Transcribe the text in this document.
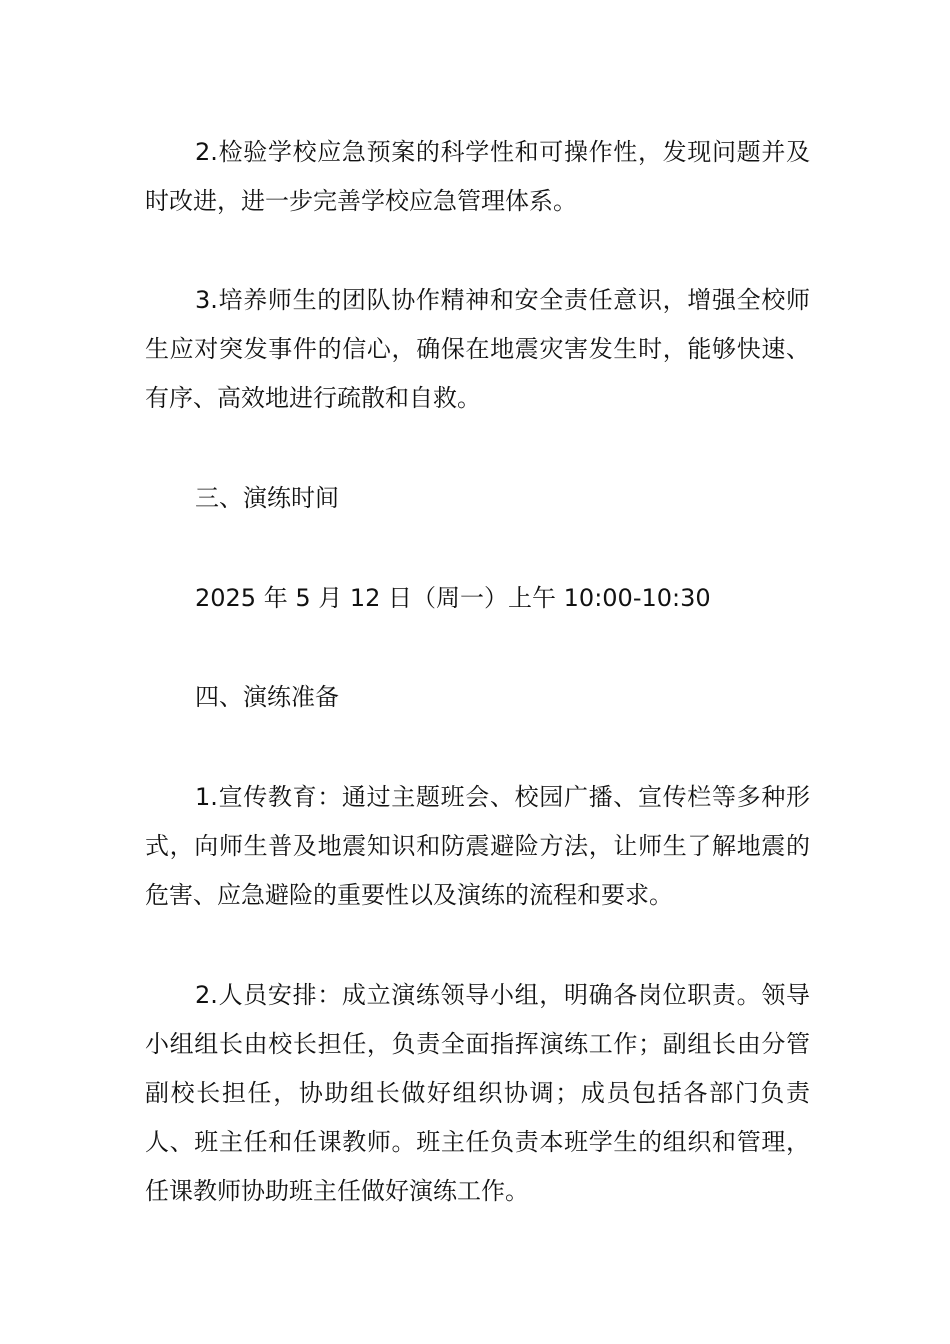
2.检验学校应急预案的科学性和可操作性，发现问题并及时改进，进一步完善学校应急管理体系。

3.培养师生的团队协作精神和安全责任意识，增强全校师生应对突发事件的信心，确保在地震灾害发生时，能够快速、有序、高效地进行疏散和自救。

三、演练时间

2025 年 5 月 12 日（周一）上午 10:00-10:30

四、演练准备

1.宣传教育：通过主题班会、校园广播、宣传栏等多种形式，向师生普及地震知识和防震避险方法，让师生了解地震的危害、应急避险的重要性以及演练的流程和要求。

2.人员安排：成立演练领导小组，明确各岗位职责。领导小组组长由校长担任，负责全面指挥演练工作；副组长由分管副校长担任，协助组长做好组织协调；成员包括各部门负责人、班主任和任课教师。班主任负责本班学生的组织和管理，任课教师协助班主任做好演练工作。
